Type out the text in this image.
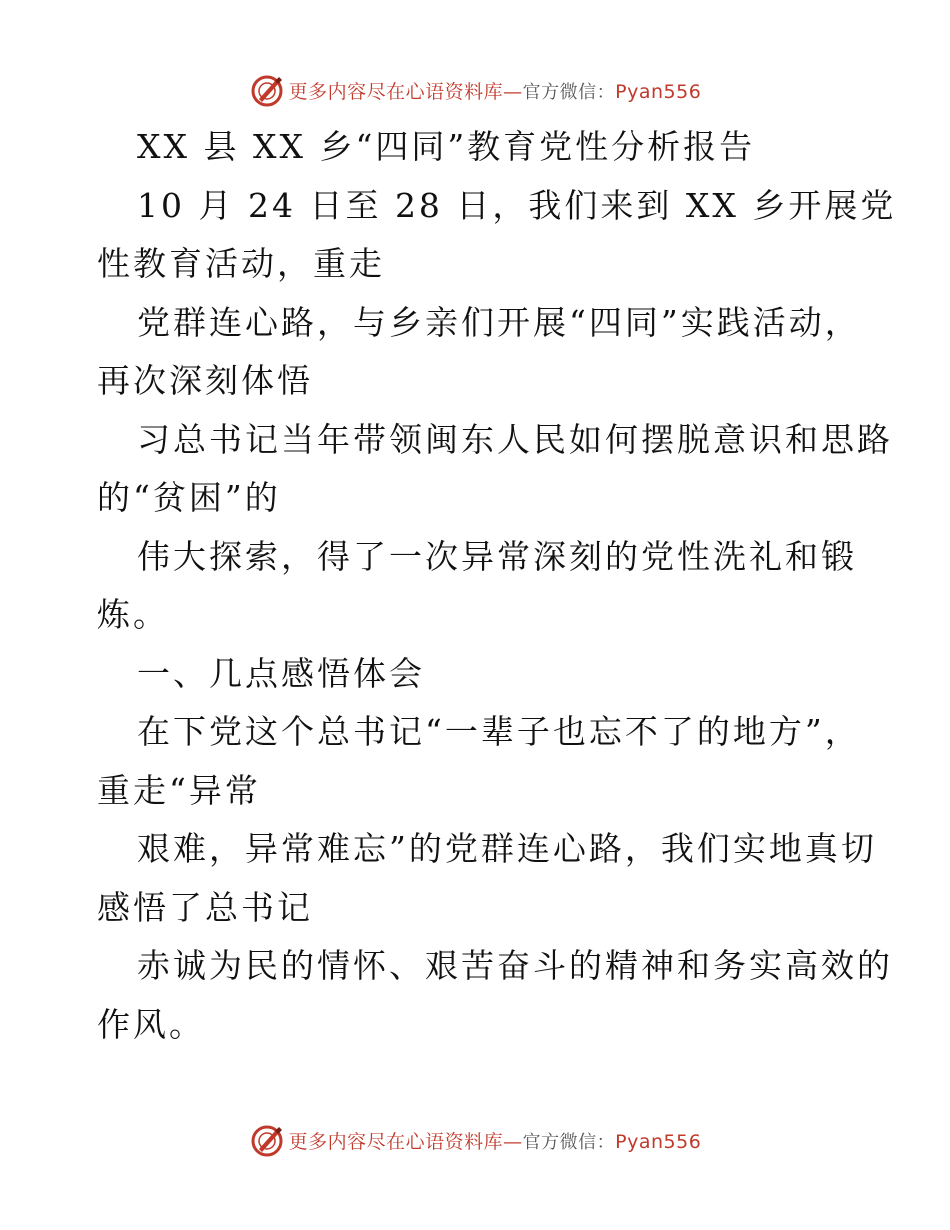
更多内容尽在心语资料库—官方微信：Pyan556
XX 县 XX 乡“四同”教育党性分析报告
10 月 24 日至 28 日，我们来到 XX 乡开展党
性教育活动，重走
党群连心路，与乡亲们开展“四同”实践活动，
再次深刻体悟
习总书记当年带领闽东人民如何摆脱意识和思路
的“贫困”的
伟大探索，得了一次异常深刻的党性洗礼和锻
炼。
一、几点感悟体会
在下党这个总书记“一辈子也忘不了的地方”，
重走“异常
艰难，异常难忘”的党群连心路，我们实地真切
感悟了总书记
赤诚为民的情怀、艰苦奋斗的精神和务实高效的
作风。
更多内容尽在心语资料库—官方微信：Pyan556
